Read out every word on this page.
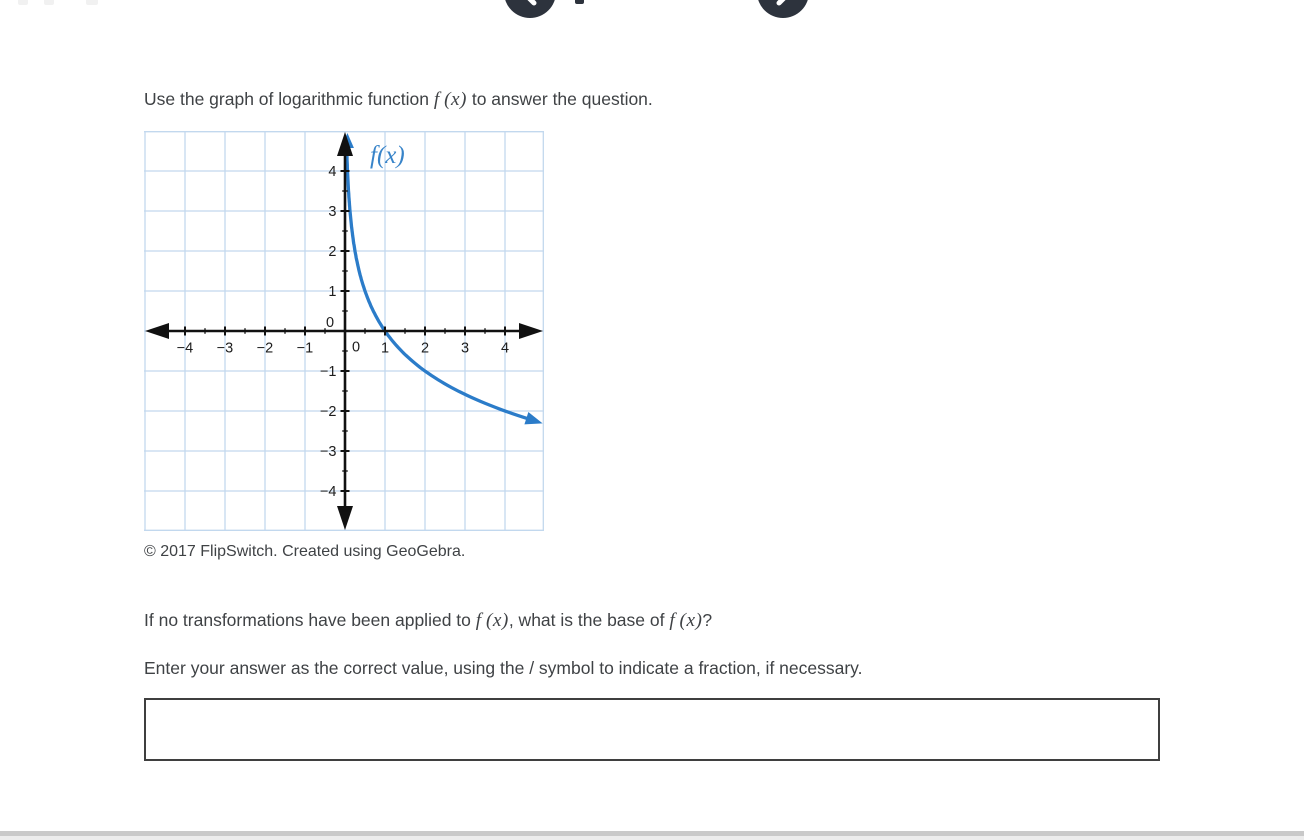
Use the graph of logarithmic function f (x) to answer the question.

−4 −3 −2 −1	0 1 2 3 4
−4
−3
−2
−1
0
1
2
3
4
f(x)

© 2017 FlipSwitch. Created using GeoGebra.

If no transformations have been applied to f (x), what is the base of f (x)?

Enter your answer as the correct value, using the / symbol to indicate a fraction, if necessary.
